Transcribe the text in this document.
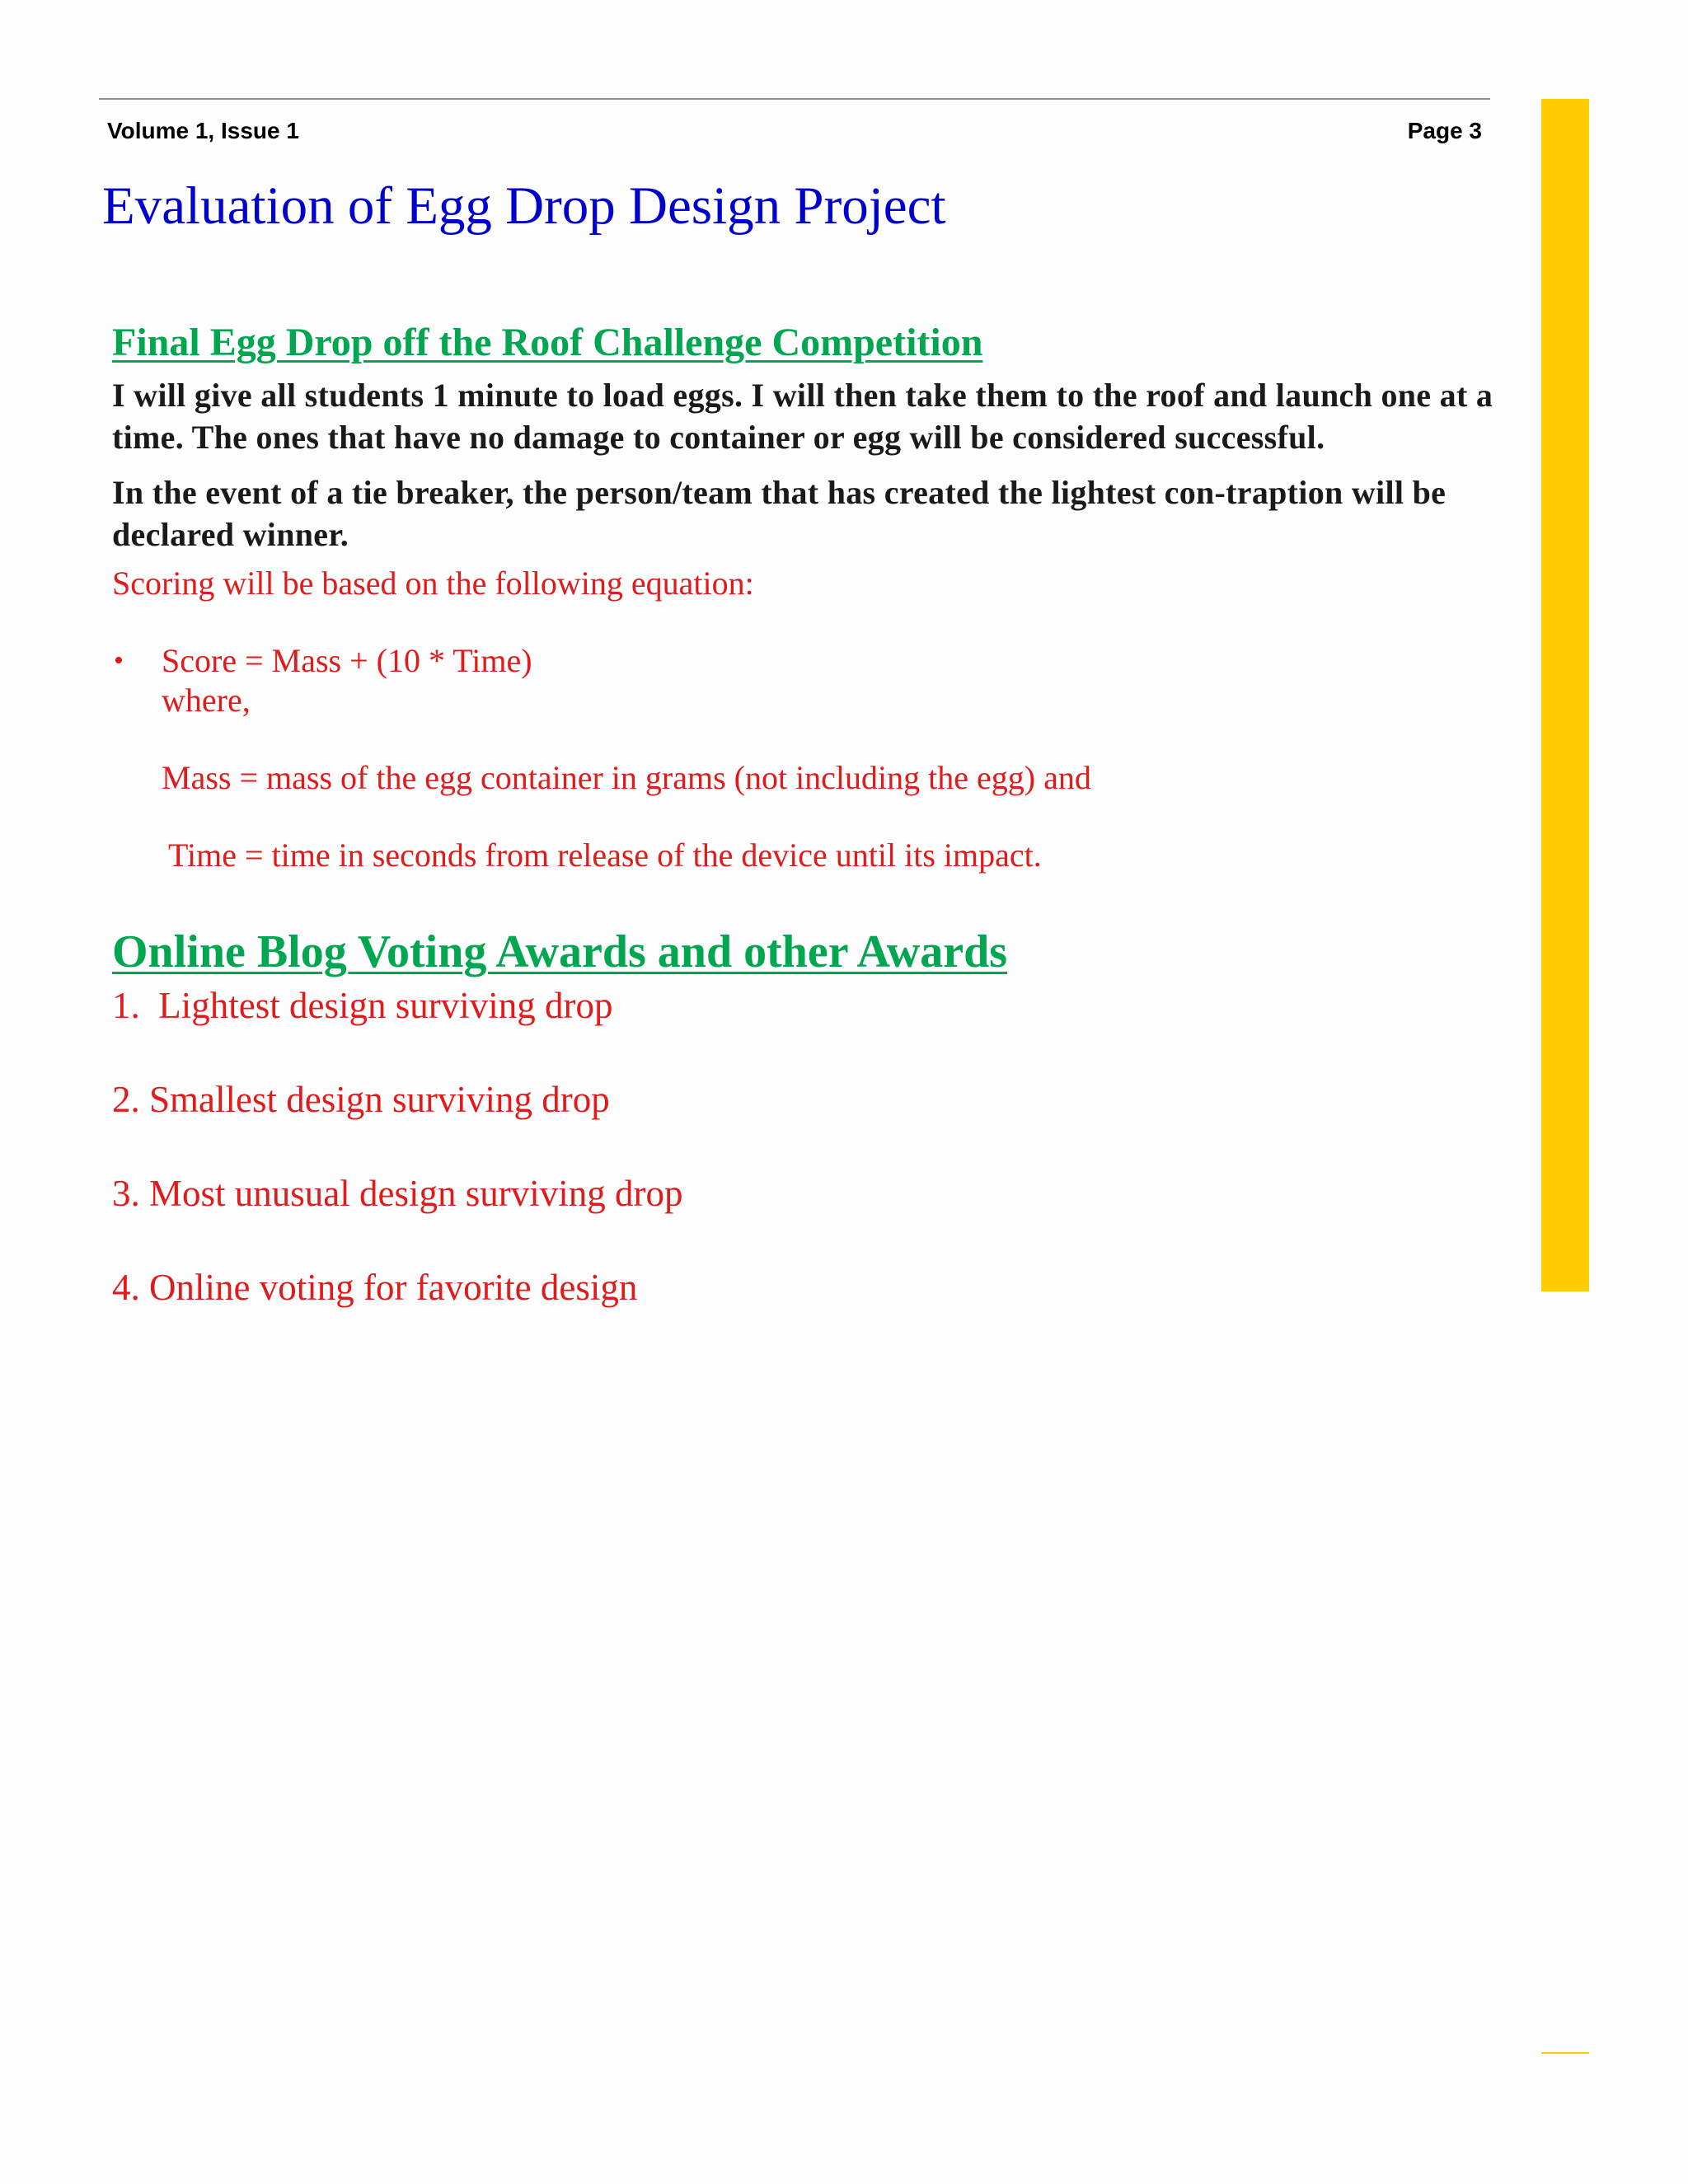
Volume 1, Issue 1	Page 3
Evaluation of Egg Drop Design Project
Final Egg Drop off the Roof Challenge Competition

I will give all students 1 minute to load eggs. I will then take them to the roof and launch one at a time. The ones that have no damage to container or egg will be considered successful.

In the event of a tie breaker, the person/team that has created the lightest con-traption will be declared winner.

Scoring will be based on the following equation:

• Score = Mass + (10 * Time)

where,

Mass = mass of the egg container in grams (not including the egg) and

Time = time in seconds from release of the device until its impact.

Online Blog Voting Awards and other Awards

1.  Lightest design surviving drop

2. Smallest design surviving drop

3. Most unusual design surviving drop

4. Online voting for favorite design
